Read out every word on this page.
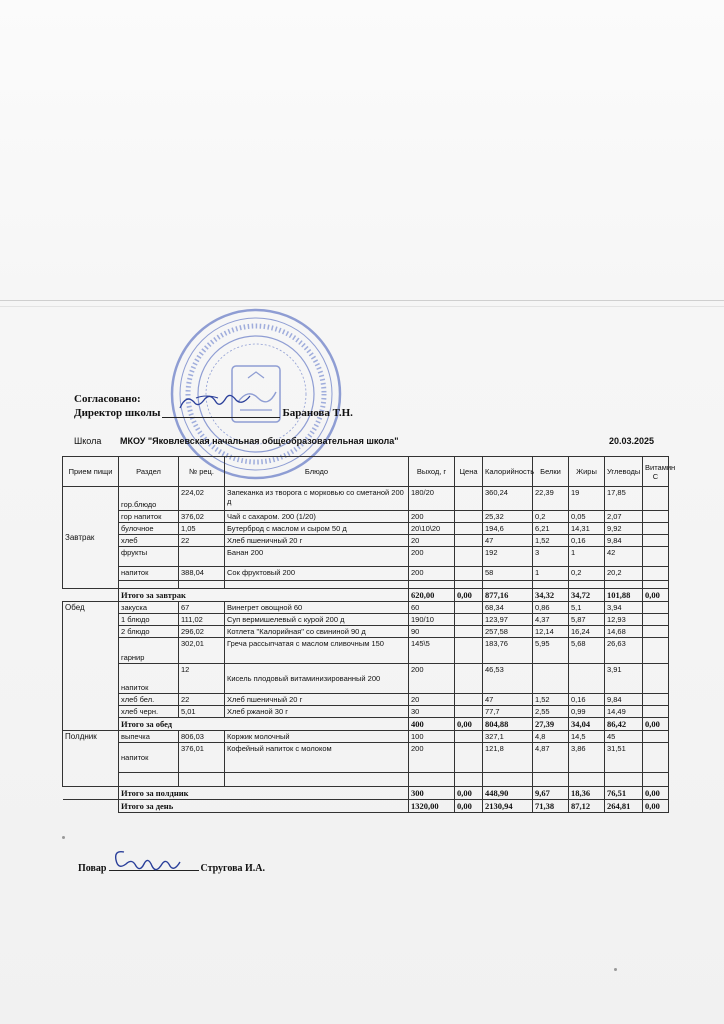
Согласовано:
Директор школы	Баранова Т.Н.
Школа МКОУ "Яковлевская начальная общеобразовательная школа"	20.03.2025
Прием пищи	Раздел	№ рец.	Блюдо	Выход, г	Цена	Калорийность	Белки	Жиры	Углеводы	Витамин С
Завтрак	гор.блюдо	224,02	Запеканка из творога с морковью со сметаной 200 д	180/20		360,24	22,39	19	17,85	
	гор напиток	376,02	Чай с сахаром. 200 (1/20)	200		25,32	0,2	0,05	2,07	
	булочное	1,05	Бутерброд с маслом и сыром 50 д	20\10\20		194,6	6,21	14,31	9,92	
	хлеб	22	Хлеб пшеничный 20 г	20		47	1,52	0,16	9,84	
	фрукты		Банан 200	200		192	3	1	42	
	напиток	388,04	Сок фруктовый 200	200		58	1	0,2	20,2	

	Итого за завтрак			620,00	0,00	877,16	34,32	34,72	101,88	0,00
Обед	закуска	67	Винегрет овощной 60	60		68,34	0,86	5,1	3,94	
	1 блюдо	111,02	Суп вермишелевый с курой 200 д	190/10		123,97	4,37	5,87	12,93	
	2 блюдо	296,02	Котлета "Калорийная" со свининой 90 д	90		257,58	12,14	16,24	14,68	
	гарнир	302,01	Греча рассыпчатая с маслом сливочным 150	145\5		183,76	5,95	5,68	26,63	
	напиток	12	Кисель плодовый витаминизированный 200	200		46,53			3,91	
	хлеб бел.	22	Хлеб пшеничный 20 г	20		47	1,52	0,16	9,84	
	хлеб черн.	5,01	Хлеб ржаной 30 г	30		77,7	2,55	0,99	14,49	
	Итого за обед			400	0,00	804,88	27,39	34,04	86,42	0,00
Полдник	выпечка	806,03	Коржик молочный	100		327,1	4,8	14,5	45	
	напиток	376,01	Кофейный напиток с молоком	200		121,8	4,87	3,86	31,51	

	Итого за полдник			300	0,00	448,90	9,67	18,36	76,51	0,00
	Итого за день			1320,00	0,00	2130,94	71,38	87,12	264,81	0,00
Повар	Стругова И.А.
